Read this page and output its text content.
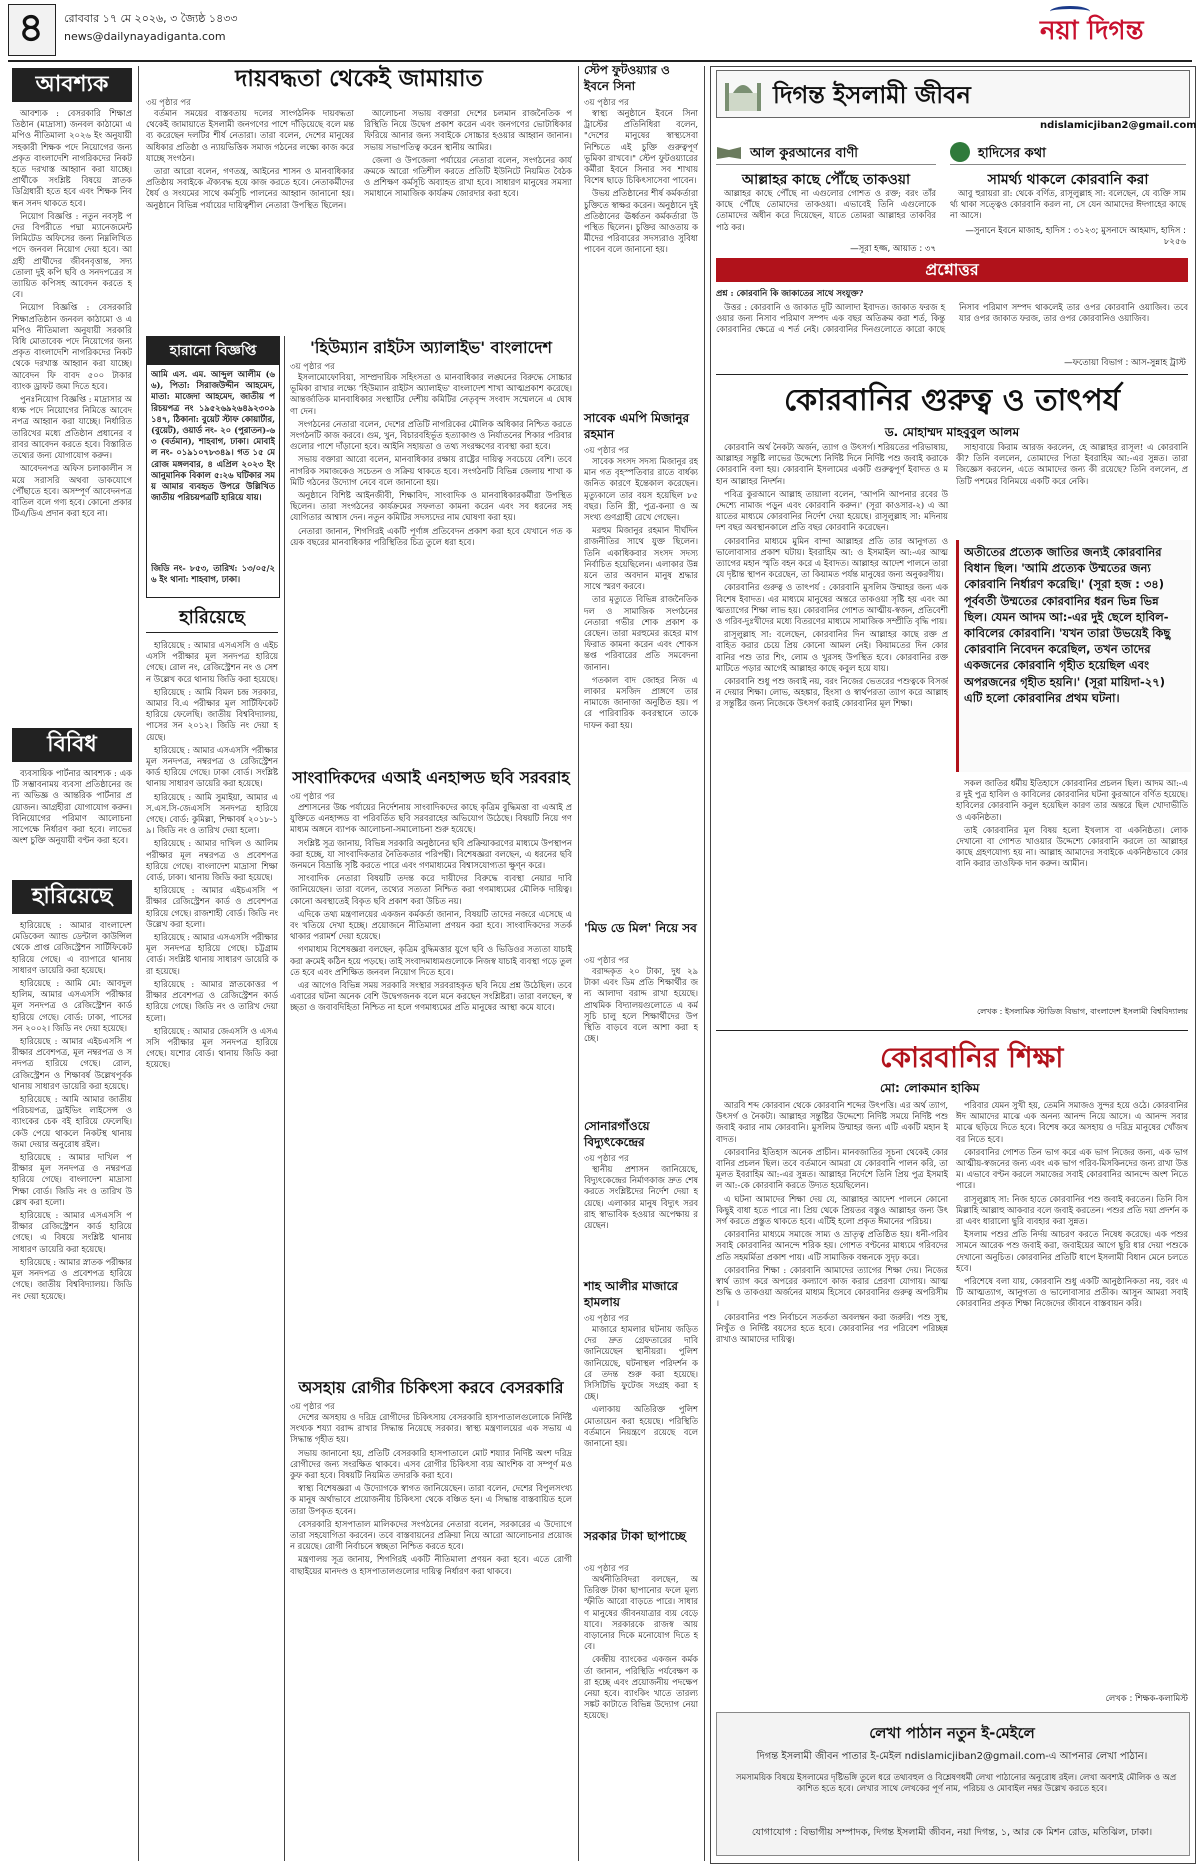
৪	রোববার ১৭ মে ২০২৬, ৩ জ্যৈষ্ঠ ১৪৩৩
news@dailynayadiganta.com	নয়া দিগন্ত
আবশ্যক

আবশ্যক : বেসরকারি শিক্ষাপ্রতিষ্ঠান (মাদ্রাসা) জনবল কাঠামো এমপিও নীতিমালা ২০২৬ ইং অনুযায়ী সহকারী শিক্ষক পদে নিয়োগের জন্য প্রকৃত বাংলাদেশি নাগরিকদের নিকট হতে দরখাস্ত আহ্বান করা যাচ্ছে। প্রার্থীকে সংশ্লিষ্ট বিষয়ে স্নাতক ডিগ্রিধারী হতে হবে এবং শিক্ষক নিবন্ধন সনদ থাকতে হবে।

নিয়োগ বিজ্ঞপ্তি : নতুন নবসৃষ্ট পদের বিপরীতে পদ্মা ম্যানেজমেন্ট লিমিটেড অফিসের জন্য নিম্নলিখিত পদে জনবল নিয়োগ দেয়া হবে। আগ্রহী প্রার্থীদের জীবনবৃত্তান্ত, সদ্য তোলা দুই কপি ছবি ও সনদপত্রের সত্যায়িত কপিসহ আবেদন করতে হবে।

নিয়োগ বিজ্ঞপ্তি : বেসরকারি শিক্ষাপ্রতিষ্ঠান জনবল কাঠামো ও এমপিও নীতিমালা অনুযায়ী সরকারি বিধি মোতাবেক পদে নিয়োগের জন্য প্রকৃত বাংলাদেশি নাগরিকদের নিকট থেকে দরখাস্ত আহ্বান করা যাচ্ছে। আবেদন ফি বাবদ ৫০০ টাকার ব্যাংক ড্রাফট জমা দিতে হবে।

পুনঃনিয়োগ বিজ্ঞপ্তি : মাদ্রাসার অধ্যক্ষ পদে নিয়োগের নিমিত্তে আবেদনপত্র আহ্বান করা যাচ্ছে। নির্ধারিত তারিখের মধ্যে প্রতিষ্ঠান প্রধানের বরাবর আবেদন করতে হবে। বিস্তারিত তথ্যের জন্য যোগাযোগ করুন।

আবেদনপত্র অফিস চলাকালীন সময়ে সরাসরি অথবা ডাকযোগে পৌঁছাতে হবে। অসম্পূর্ণ আবেদনপত্র বাতিল বলে গণ্য হবে। কোনো প্রকার টিএ/ডিএ প্রদান করা হবে না।

বিবিধ

ব্যবসায়িক পার্টনার আবশ্যক : একটি সম্ভাবনাময় ব্যবসা প্রতিষ্ঠানের জন্য অভিজ্ঞ ও আন্তরিক পার্টনার প্রয়োজন। আগ্রহীরা যোগাযোগ করুন। বিনিয়োগের পরিমাণ আলোচনা সাপেক্ষে নির্ধারণ করা হবে। লাভের অংশ চুক্তি অনুযায়ী বণ্টন করা হবে।

হারিয়েছে

হারিয়েছে : আমার বাংলাদেশ মেডিকেল অ্যান্ড ডেন্টাল কাউন্সিল থেকে প্রাপ্ত রেজিস্ট্রেশন সার্টিফিকেট হারিয়ে গেছে। এ ব্যাপারে থানায় সাধারণ ডায়েরি করা হয়েছে।

হারিয়েছে : আমি মো: আবদুল হালিম, আমার এসএসসি পরীক্ষার মূল সনদপত্র ও রেজিস্ট্রেশন কার্ড হারিয়ে গেছে। বোর্ড: ঢাকা, পাসের সন ২০০২। জিডি নং দেয়া হয়েছে।

হারিয়েছে : আমার এইচএসসি পরীক্ষার প্রবেশপত্র, মূল নম্বরপত্র ও সনদপত্র হারিয়ে গেছে। রোল, রেজিস্ট্রেশন ও শিক্ষাবর্ষ উল্লেখপূর্বক থানায় সাধারণ ডায়েরি করা হয়েছে।

হারিয়েছে : আমি আমার জাতীয় পরিচয়পত্র, ড্রাইভিং লাইসেন্স ও ব্যাংকের চেক বই হারিয়ে ফেলেছি। কেউ পেয়ে থাকলে নিকটস্থ থানায় জমা দেয়ার অনুরোধ রইল।

হারিয়েছে : আমার দাখিল পরীক্ষার মূল সনদপত্র ও নম্বরপত্র হারিয়ে গেছে। বাংলাদেশ মাদ্রাসা শিক্ষা বোর্ড। জিডি নং ও তারিখ উল্লেখ করা হলো।

হারিয়েছে : আমার এসএসসি পরীক্ষার রেজিস্ট্রেশন কার্ড হারিয়ে গেছে। এ বিষয়ে সংশ্লিষ্ট থানায় সাধারণ ডায়েরি করা হয়েছে।

হারিয়েছে : আমার স্নাতক পরীক্ষার মূল সনদপত্র ও প্রবেশপত্র হারিয়ে গেছে। জাতীয় বিশ্ববিদ্যালয়। জিডি নং দেয়া হয়েছে।

দায়বদ্ধতা থেকেই জামায়াত
৩য় পৃষ্ঠার পর

বর্তমান সময়ের বাস্তবতায় দলের সাংগঠনিক দায়বদ্ধতা থেকেই জামায়াতে ইসলামী জনগণের পাশে দাঁড়িয়েছে বলে মন্তব্য করেছেন দলটির শীর্ষ নেতারা। তারা বলেন, দেশের মানুষের অধিকার প্রতিষ্ঠা ও ন্যায়ভিত্তিক সমাজ গঠনের লক্ষ্যে কাজ করে যাচ্ছে সংগঠন।

তারা আরো বলেন, গণতন্ত্র, আইনের শাসন ও মানবাধিকার প্রতিষ্ঠায় সবাইকে ঐক্যবদ্ধ হয়ে কাজ করতে হবে। নেতাকর্মীদের ধৈর্য ও সংযমের সাথে কর্মসূচি পালনের আহ্বান জানানো হয়। অনুষ্ঠানে বিভিন্ন পর্যায়ের দায়িত্বশীল নেতারা উপস্থিত ছিলেন।

আলোচনা সভায় বক্তারা দেশের চলমান রাজনৈতিক পরিস্থিতি নিয়ে উদ্বেগ প্রকাশ করেন এবং জনগণের ভোটাধিকার ফিরিয়ে আনার জন্য সবাইকে সোচ্চার হওয়ার আহ্বান জানান। সভায় সভাপতিত্ব করেন স্থানীয় আমির।

জেলা ও উপজেলা পর্যায়ের নেতারা বলেন, সংগঠনের কার্যক্রমকে আরো গতিশীল করতে প্রতিটি ইউনিটে নিয়মিত বৈঠক ও প্রশিক্ষণ কর্মসূচি অব্যাহত রাখা হবে। সাধারণ মানুষের সমস্যা সমাধানে সামাজিক কার্যক্রম জোরদার করা হবে।

হারানো বিজ্ঞপ্তি
আমি এস. এম. আব্দুল আলীম (৬৬), পিতা: সিরাজউদ্দীন আহমেদ, মাতা: মাজেদা আহমেদ, জাতীয় পরিচয়পত্র নং ১৯৫২৬৯২৬৪৯২৩০৯১৪৭, ঠিকানা: বুয়েট স্টাফ কোয়ার্টার, (বুয়েট), ওয়ার্ড নং- ২০ (পুরাতন)-৬৩ (বর্তমান), শাহবাগ, ঢাকা। মোবাইল নং- ০১৯১০৭৮৩৪৯। গত ১৫ মে রোজ মঙ্গলবার, ৪ এপ্রিল ২০২৩ ইং আনুমানিক বিকাল ৫:২৬ ঘটিকার সময় আমার ব্যবহৃত উপরে উল্লিখিত জাতীয় পরিচয়পত্রটি হারিয়ে যায়।
জিডি নং- ৮৫৩, তারিখ: ১৩/০৫/২৬ ইং থানা: শাহবাগ, ঢাকা।
হারিয়েছে

হারিয়েছে : আমার এসএসসি ও এইচএসসি পরীক্ষার মূল সনদপত্র হারিয়ে গেছে। রোল নং, রেজিস্ট্রেশন নং ও সেশন উল্লেখ করে থানায় জিডি করা হয়েছে।

হারিয়েছে : আমি বিমল চন্দ্র সরকার, আমার বি.এ পরীক্ষার মূল সার্টিফিকেট হারিয়ে ফেলেছি। জাতীয় বিশ্ববিদ্যালয়, পাসের সন ২০১২। জিডি নং দেয়া হয়েছে।

হারিয়েছে : আমার এসএসসি পরীক্ষার মূল সনদপত্র, নম্বরপত্র ও রেজিস্ট্রেশন কার্ড হারিয়ে গেছে। ঢাকা বোর্ড। সংশ্লিষ্ট থানায় সাধারণ ডায়েরি করা হয়েছে।

হারিয়েছে : আমি সুমাইয়া, আমার এস.এস.সি-জেএসসি সনদপত্র হারিয়ে গেছে। বোর্ড: কুমিল্লা, শিক্ষাবর্ষ ২০১৮-১৯। জিডি নং ও তারিখ দেয়া হলো।

হারিয়েছে : আমার দাখিল ও আলিম পরীক্ষার মূল নম্বরপত্র ও প্রবেশপত্র হারিয়ে গেছে। বাংলাদেশ মাদ্রাসা শিক্ষা বোর্ড, ঢাকা। থানায় জিডি করা হয়েছে।

হারিয়েছে : আমার এইচএসসি পরীক্ষার রেজিস্ট্রেশন কার্ড ও প্রবেশপত্র হারিয়ে গেছে। রাজশাহী বোর্ড। জিডি নং উল্লেখ করা হলো।

হারিয়েছে : আমার এসএসসি পরীক্ষার মূল সনদপত্র হারিয়ে গেছে। চট্টগ্রাম বোর্ড। সংশ্লিষ্ট থানায় সাধারণ ডায়েরি করা হয়েছে।

হারিয়েছে : আমার স্নাতকোত্তর পরীক্ষার প্রবেশপত্র ও রেজিস্ট্রেশন কার্ড হারিয়ে গেছে। জিডি নং ও তারিখ দেয়া হলো।

হারিয়েছে : আমার জেএসসি ও এসএসসি পরীক্ষার মূল সনদপত্র হারিয়ে গেছে। যশোর বোর্ড। থানায় জিডি করা হয়েছে।

'হিউম্যান রাইটস অ্যালাইভ' বাংলাদেশ
৩য় পৃষ্ঠার পর

ইসলামোফোবিয়া, সাম্প্রদায়িক সহিংসতা ও মানবাধিকার লঙ্ঘনের বিরুদ্ধে সোচ্চার ভূমিকা রাখার লক্ষ্যে 'হিউম্যান রাইটস অ্যালাইভ' বাংলাদেশ শাখা আত্মপ্রকাশ করেছে। আন্তর্জাতিক মানবাধিকার সংস্থাটির দেশীয় কমিটির নেতৃবৃন্দ সংবাদ সম্মেলনে এ ঘোষণা দেন।

সংগঠনের নেতারা বলেন, দেশের প্রতিটি নাগরিকের মৌলিক অধিকার নিশ্চিত করতে সংগঠনটি কাজ করবে। গুম, খুন, বিচারবহির্ভূত হত্যাকাণ্ড ও নির্যাতনের শিকার পরিবারগুলোর পাশে দাঁড়ানো হবে। আইনি সহায়তা ও তথ্য সংরক্ষণের ব্যবস্থা করা হবে।

সভায় বক্তারা আরো বলেন, মানবাধিকার রক্ষায় রাষ্ট্রের দায়িত্ব সবচেয়ে বেশি। তবে নাগরিক সমাজকেও সচেতন ও সক্রিয় থাকতে হবে। সংগঠনটি বিভিন্ন জেলায় শাখা কমিটি গঠনের উদ্যোগ নেবে বলে জানানো হয়।

অনুষ্ঠানে বিশিষ্ট আইনজীবী, শিক্ষাবিদ, সাংবাদিক ও মানবাধিকারকর্মীরা উপস্থিত ছিলেন। তারা সংগঠনের কার্যক্রমের সফলতা কামনা করেন এবং সব ধরনের সহযোগিতার আশ্বাস দেন। নতুন কমিটির সদস্যদের নাম ঘোষণা করা হয়।

নেতারা জানান, শিগগিরই একটি পূর্ণাঙ্গ প্রতিবেদন প্রকাশ করা হবে যেখানে গত কয়েক বছরের মানবাধিকার পরিস্থিতির চিত্র তুলে ধরা হবে।

সাংবাদিকদের এআই এনহান্সড ছবি সরবরাহ
৩য় পৃষ্ঠার পর

প্রশাসনের উচ্চ পর্যায়ের নির্দেশনায় সাংবাদিকদের কাছে কৃত্রিম বুদ্ধিমত্তা বা এআই প্রযুক্তিতে এনহান্সড বা পরিবর্তিত ছবি সরবরাহের অভিযোগ উঠেছে। বিষয়টি নিয়ে গণমাধ্যম অঙ্গনে ব্যাপক আলোচনা-সমালোচনা শুরু হয়েছে।

সংশ্লিষ্ট সূত্র জানায়, বিভিন্ন সরকারি অনুষ্ঠানের ছবি প্রক্রিয়াকরণের মাধ্যমে উপস্থাপন করা হচ্ছে, যা সাংবাদিকতার নৈতিকতার পরিপন্থী। বিশেষজ্ঞরা বলছেন, এ ধরনের ছবি জনমনে বিভ্রান্তি সৃষ্টি করতে পারে এবং গণমাধ্যমের বিশ্বাসযোগ্যতা ক্ষুণ্ন করে।

সাংবাদিক নেতারা বিষয়টি তদন্ত করে দায়ীদের বিরুদ্ধে ব্যবস্থা নেয়ার দাবি জানিয়েছেন। তারা বলেন, তথ্যের সত্যতা নিশ্চিত করা গণমাধ্যমের মৌলিক দায়িত্ব। কোনো অবস্থাতেই বিকৃত ছবি প্রকাশ করা উচিত নয়।

এদিকে তথ্য মন্ত্রণালয়ের একজন কর্মকর্তা জানান, বিষয়টি তাদের নজরে এসেছে এবং খতিয়ে দেখা হচ্ছে। প্রয়োজনে নীতিমালা প্রণয়ন করা হবে। সাংবাদিকদের সতর্ক থাকার পরামর্শ দেয়া হয়েছে।

গণমাধ্যম বিশেষজ্ঞরা বলছেন, কৃত্রিম বুদ্ধিমত্তার যুগে ছবি ও ভিডিওর সত্যতা যাচাই করা ক্রমেই কঠিন হয়ে পড়ছে। তাই সংবাদমাধ্যমগুলোকে নিজস্ব যাচাই ব্যবস্থা গড়ে তুলতে হবে এবং প্রশিক্ষিত জনবল নিয়োগ দিতে হবে।

এর আগেও বিভিন্ন সময় সরকারি সংস্থার সরবরাহকৃত ছবি নিয়ে প্রশ্ন উঠেছিল। তবে এবারের ঘটনা অনেক বেশি উদ্বেগজনক বলে মনে করছেন সংশ্লিষ্টরা। তারা বলছেন, স্বচ্ছতা ও জবাবদিহিতা নিশ্চিত না হলে গণমাধ্যমের প্রতি মানুষের আস্থা কমে যাবে।

অসহায় রোগীর চিকিৎসা করবে বেসরকারি
৩য় পৃষ্ঠার পর

দেশের অসহায় ও দরিদ্র রোগীদের চিকিৎসায় বেসরকারি হাসপাতালগুলোকে নির্দিষ্ট সংখ্যক শয্যা বরাদ্দ রাখার সিদ্ধান্ত নিয়েছে সরকার। স্বাস্থ্য মন্ত্রণালয়ের এক সভায় এ সিদ্ধান্ত গৃহীত হয়।

সভায় জানানো হয়, প্রতিটি বেসরকারি হাসপাতালে মোট শয্যার নির্দিষ্ট অংশ দরিদ্র রোগীদের জন্য সংরক্ষিত থাকবে। এসব রোগীর চিকিৎসা ব্যয় আংশিক বা সম্পূর্ণ মওকুফ করা হবে। বিষয়টি নিয়মিত তদারকি করা হবে।

স্বাস্থ্য বিশেষজ্ঞরা এ উদ্যোগকে স্বাগত জানিয়েছেন। তারা বলেন, দেশের বিপুলসংখ্যক মানুষ অর্থাভাবে প্রয়োজনীয় চিকিৎসা থেকে বঞ্চিত হন। এ সিদ্ধান্ত বাস্তবায়িত হলে তারা উপকৃত হবেন।

বেসরকারি হাসপাতাল মালিকদের সংগঠনের নেতারা বলেন, সরকারের এ উদ্যোগে তারা সহযোগিতা করবেন। তবে বাস্তবায়নের প্রক্রিয়া নিয়ে আরো আলোচনার প্রয়োজন রয়েছে। রোগী নির্বাচনে স্বচ্ছতা নিশ্চিত করতে হবে।

মন্ত্রণালয় সূত্র জানায়, শিগগিরই একটি নীতিমালা প্রণয়ন করা হবে। এতে রোগী বাছাইয়ের মানদণ্ড ও হাসপাতালগুলোর দায়িত্ব নির্ধারণ করা থাকবে।

স্টেপ ফুটওয়্যার ও ইবনে সিনা
৩য় পৃষ্ঠার পর

স্বাস্থ্য অনুষ্ঠানে ইবনে সিনা ট্রাস্টের প্রতিনিধিরা বলেন, "দেশের মানুষের স্বাস্থ্যসেবা নিশ্চিতে এই চুক্তি গুরুত্বপূর্ণ ভূমিকা রাখবে।" স্টেপ ফুটওয়্যারের কর্মীরা ইবনে সিনার সব শাখায় বিশেষ ছাড়ে চিকিৎসাসেবা পাবেন।

উভয় প্রতিষ্ঠানের শীর্ষ কর্মকর্তারা চুক্তিতে স্বাক্ষর করেন। অনুষ্ঠানে দুই প্রতিষ্ঠানের ঊর্ধ্বতন কর্মকর্তারা উপস্থিত ছিলেন। চুক্তির আওতায় কর্মীদের পরিবারের সদস্যরাও সুবিধা পাবেন বলে জানানো হয়।

সাবেক এমপি মিজানুর রহমান
৩য় পৃষ্ঠার পর

সাবেক সংসদ সদস্য মিজানুর রহমান গত বৃহস্পতিবার রাতে বার্ধক্যজনিত কারণে ইন্তেকাল করেছেন। মৃত্যুকালে তার বয়স হয়েছিল ৮৫ বছর। তিনি স্ত্রী, পুত্র-কন্যা ও অসংখ্য গুণগ্রাহী রেখে গেছেন।

মরহুম মিজানুর রহমান দীর্ঘদিন রাজনীতির সাথে যুক্ত ছিলেন। তিনি একাধিকবার সংসদ সদস্য নির্বাচিত হয়েছিলেন। এলাকার উন্নয়নে তার অবদান মানুষ শ্রদ্ধার সাথে স্মরণ করবে।

তার মৃত্যুতে বিভিন্ন রাজনৈতিক দল ও সামাজিক সংগঠনের নেতারা গভীর শোক প্রকাশ করেছেন। তারা মরহুমের রূহের মাগফিরাত কামনা করেন এবং শোকসন্তপ্ত পরিবারের প্রতি সমবেদনা জানান।

গতকাল বাদ জোহর নিজ এলাকার মসজিদ প্রাঙ্গণে তার নামাজে জানাজা অনুষ্ঠিত হয়। পরে পারিবারিক কবরস্থানে তাকে দাফন করা হয়।

'মিড ডে মিল' নিয়ে সব
৩য় পৃষ্ঠার পর

বরাদ্দকৃত ২০ টাকা, দুধ ২৯ টাকা এবং ডিম প্রতি শিক্ষার্থীর জন্য আলাদা বরাদ্দ রাখা হয়েছে। প্রাথমিক বিদ্যালয়গুলোতে এ কর্মসূচি চালু হলে শিক্ষার্থীদের উপস্থিতি বাড়বে বলে আশা করা হচ্ছে।

সোনারগাঁওয়ে বিদ্যুৎকেন্দ্রের
৩য় পৃষ্ঠার পর

স্থানীয় প্রশাসন জানিয়েছে, বিদ্যুৎকেন্দ্রের নির্মাণকাজ দ্রুত শেষ করতে সংশ্লিষ্টদের নির্দেশ দেয়া হয়েছে। এলাকার মানুষ বিদ্যুৎ সরবরাহ স্বাভাবিক হওয়ার অপেক্ষায় রয়েছেন।

শাহ আলীর মাজারে হামলায়
৩য় পৃষ্ঠার পর

মাজারে হামলার ঘটনায় জড়িতদের দ্রুত গ্রেফতারের দাবি জানিয়েছেন স্থানীয়রা। পুলিশ জানিয়েছে, ঘটনাস্থল পরিদর্শন করে তদন্ত শুরু করা হয়েছে। সিসিটিভি ফুটেজ সংগ্রহ করা হচ্ছে।

এলাকায় অতিরিক্ত পুলিশ মোতায়েন করা হয়েছে। পরিস্থিতি বর্তমানে নিয়ন্ত্রণে রয়েছে বলে জানানো হয়।

সরকার টাকা ছাপাচ্ছে
৩য় পৃষ্ঠার পর

অর্থনীতিবিদরা বলছেন, অতিরিক্ত টাকা ছাপানোর ফলে মূল্যস্ফীতি আরো বাড়তে পারে। সাধারণ মানুষের জীবনযাত্রার ব্যয় বেড়ে যাবে। সরকারকে রাজস্ব আয় বাড়ানোর দিকে মনোযোগ দিতে হবে।

কেন্দ্রীয় ব্যাংকের একজন কর্মকর্তা জানান, পরিস্থিতি পর্যবেক্ষণ করা হচ্ছে এবং প্রয়োজনীয় পদক্ষেপ নেয়া হবে। ব্যাংকিং খাতে তারল্য সঙ্কট কাটাতে বিভিন্ন উদ্যোগ নেয়া হয়েছে।

দিগন্ত ইসলামী জীবন
ndislamicjiban2@gmail.com
আল কুরআনের বাণী
আল্লাহর কাছে পৌঁছে তাকওয়া

আল্লাহর কাছে পৌঁছে না এগুলোর গোশত ও রক্ত; বরং তাঁর কাছে পৌঁছে তোমাদের তাকওয়া। এভাবেই তিনি এগুলোকে তোমাদের অধীন করে দিয়েছেন, যাতে তোমরা আল্লাহর তাকবির পাঠ কর।

—সূরা হজ্জ, আয়াত : ৩৭
হাদিসের কথা
সামর্থ্য থাকলে কোরবানি করা

আবু হুরায়রা রা: থেকে বর্ণিত, রাসূলুল্লাহ সা: বলেছেন, যে ব্যক্তি সামর্থ্য থাকা সত্ত্বেও কোরবানি করল না, সে যেন আমাদের ঈদগাহের কাছে না আসে।

—সুনানে ইবনে মাজাহ, হাদিস : ৩১২৩; মুসনাদে আহমাদ, হাদিস : ৮২৫৬
প্রশ্নোত্তর
প্রশ্ন : কোরবানি কি জাকাতের সাথে সংযুক্ত?

উত্তর : কোরবানি ও জাকাত দুটি আলাদা ইবাদত। জাকাত ফরজ হওয়ার জন্য নিসাব পরিমাণ সম্পদ এক বছর অতিক্রম করা শর্ত, কিন্তু কোরবানির ক্ষেত্রে এ শর্ত নেই। কোরবানির দিনগুলোতে কারো কাছে নিসাব পরিমাণ সম্পদ থাকলেই তার ওপর কোরবানি ওয়াজিব। তবে যার ওপর জাকাত ফরজ, তার ওপর কোরবানিও ওয়াজিব।

—ফতোয়া বিভাগ : আস-সুন্নাহ ট্রাস্ট
কোরবানির গুরুত্ব ও তাৎপর্য
ড. মোহাম্মদ মাহবুবুল আলম

কোরবানি অর্থ নৈকট্য অর্জন, ত্যাগ ও উৎসর্গ। শরিয়তের পরিভাষায়, আল্লাহর সন্তুষ্টি লাভের উদ্দেশ্যে নির্দিষ্ট দিনে নির্দিষ্ট পশু জবাই করাকে কোরবানি বলা হয়। কোরবানি ইসলামের একটি গুরুত্বপূর্ণ ইবাদত ও মহান আল্লাহর নিদর্শন।

পবিত্র কুরআনে আল্লাহ তায়ালা বলেন, 'আপনি আপনার রবের উদ্দেশ্যে নামাজ পড়ুন এবং কোরবানি করুন।' (সূরা কাওসার-২) এ আয়াতের মাধ্যমে কোরবানির নির্দেশ দেয়া হয়েছে। রাসূলুল্লাহ সা: মদিনায় দশ বছর অবস্থানকালে প্রতি বছর কোরবানি করেছেন।

কোরবানির মাধ্যমে মুমিন বান্দা আল্লাহর প্রতি তার আনুগত্য ও ভালোবাসার প্রকাশ ঘটায়। ইবরাহিম আ: ও ইসমাইল আ:-এর আত্মত্যাগের মহান স্মৃতি বহন করে এ ইবাদত। আল্লাহর আদেশ পালনে তারা যে দৃষ্টান্ত স্থাপন করেছেন, তা কিয়ামত পর্যন্ত মানুষের জন্য অনুকরণীয়।

কোরবানির গুরুত্ব ও তাৎপর্য : কোরবানি মুসলিম উম্মাহর জন্য এক বিশেষ ইবাদত। এর মাধ্যমে মানুষের অন্তরে তাকওয়া সৃষ্টি হয় এবং আত্মত্যাগের শিক্ষা লাভ হয়। কোরবানির গোশত আত্মীয়-স্বজন, প্রতিবেশী ও গরিব-দুঃখীদের মধ্যে বিতরণের মাধ্যমে সামাজিক সম্প্রীতি বৃদ্ধি পায়।

রাসূলুল্লাহ সা: বলেছেন, কোরবানির দিন আল্লাহর কাছে রক্ত প্রবাহিত করার চেয়ে প্রিয় কোনো আমল নেই। কিয়ামতের দিন কোরবানির পশু তার শিং, লোম ও খুরসহ উপস্থিত হবে। কোরবানির রক্ত মাটিতে পড়ার আগেই আল্লাহর কাছে কবুল হয়ে যায়।

কোরবানি শুধু পশু জবাই নয়, বরং নিজের ভেতরের পশুত্বকে বিসর্জন দেয়ার শিক্ষা। লোভ, অহঙ্কার, হিংসা ও স্বার্থপরতা ত্যাগ করে আল্লাহর সন্তুষ্টির জন্য নিজেকে উৎসর্গ করাই কোরবানির মূল শিক্ষা।

সাহাবায়ে কিরাম আরজ করলেন, হে আল্লাহর রাসূল! এ কোরবানি কী? তিনি বললেন, তোমাদের পিতা ইবরাহিম আ:-এর সুন্নত। তারা জিজ্ঞেস করলেন, এতে আমাদের জন্য কী রয়েছে? তিনি বললেন, প্রতিটি পশমের বিনিময়ে একটি করে নেকি।

অতীতের প্রত্যেক জাতির জন্যই কোরবানির বিধান ছিল। 'আমি প্রত্যেক উম্মতের জন্য কোরবানি নির্ধারণ করেছি।' (সূরা হজ : ৩৪) পূর্ববর্তী উম্মতের কোরবানির ধরন ভিন্ন ভিন্ন ছিল। যেমন আদম আ:-এর দুই ছেলে হাবিল-কাবিলের কোরবানি। 'যখন তারা উভয়েই কিছু কোরবানি নিবেদন করেছিল, তখন তাদের একজনের কোরবানি গৃহীত হয়েছিল এবং অপরজনের গৃহীত হয়নি।' (সূরা মায়িদা-২৭) এটি হলো কোরবানির প্রথম ঘটনা।

সকল জাতির ধর্মীয় ইতিহাসে কোরবানির প্রচলন ছিল। আদম আ:-এর দুই পুত্র হাবিল ও কাবিলের কোরবানির ঘটনা কুরআনে বর্ণিত হয়েছে। হাবিলের কোরবানি কবুল হয়েছিল কারণ তার অন্তরে ছিল খোদাভীতি ও একনিষ্ঠতা।

তাই কোরবানির মূল বিষয় হলো ইখলাস বা একনিষ্ঠতা। লোক দেখানো বা গোশত খাওয়ার উদ্দেশ্যে কোরবানি করলে তা আল্লাহর কাছে গ্রহণযোগ্য হয় না। আল্লাহ আমাদের সবাইকে একনিষ্ঠভাবে কোরবানি করার তাওফিক দান করুন। আমীন।

লেখক : ইসলামিক স্টাডিজ বিভাগ, বাংলাদেশ ইসলামী বিশ্ববিদ্যালয়
কোরবানির শিক্ষা
মো: লোকমান হাকিম

আরবি শব্দ কোরবান থেকে কোরবানি শব্দের উৎপত্তি। এর অর্থ ত্যাগ, উৎসর্গ ও নৈকট্য। আল্লাহর সন্তুষ্টির উদ্দেশ্যে নির্দিষ্ট সময়ে নির্দিষ্ট পশু জবাই করার নাম কোরবানি। মুসলিম উম্মাহর জন্য এটি একটি মহান ইবাদত।

কোরবানির ইতিহাস অনেক প্রাচীন। মানবজাতির সূচনা থেকেই কোরবানির প্রচলন ছিল। তবে বর্তমানে আমরা যে কোরবানি পালন করি, তা মূলত ইবরাহিম আ:-এর সুন্নত। আল্লাহর নির্দেশে তিনি প্রিয় পুত্র ইসমাইল আ:-কে কোরবানি করতে উদ্যত হয়েছিলেন।

এ ঘটনা আমাদের শিক্ষা দেয় যে, আল্লাহর আদেশ পালনে কোনো কিছুই বাধা হতে পারে না। প্রিয় থেকে প্রিয়তর বস্তুও আল্লাহর জন্য উৎসর্গ করতে প্রস্তুত থাকতে হবে। এটিই হলো প্রকৃত ঈমানের পরিচয়।

কোরবানির মাধ্যমে সমাজে সাম্য ও ভ্রাতৃত্ব প্রতিষ্ঠিত হয়। ধনী-গরিব সবাই কোরবানির আনন্দে শরিক হয়। গোশত বণ্টনের মাধ্যমে গরিবদের প্রতি সহমর্মিতা প্রকাশ পায়। এটি সামাজিক বন্ধনকে সুদৃঢ় করে।

কোরবানির শিক্ষা : কোরবানি আমাদের ত্যাগের শিক্ষা দেয়। নিজের স্বার্থ ত্যাগ করে অপরের কল্যাণে কাজ করার প্রেরণা যোগায়। আত্মশুদ্ধি ও তাকওয়া অর্জনের মাধ্যম হিসেবে কোরবানির গুরুত্ব অপরিসীম।

কোরবানির পশু নির্বাচনে সতর্কতা অবলম্বন করা জরুরি। পশু সুস্থ, নিখুঁত ও নির্দিষ্ট বয়সের হতে হবে। কোরবানির পর পরিবেশ পরিচ্ছন্ন রাখাও আমাদের দায়িত্ব।

পরিবার যেমন সুখী হয়, তেমনি সমাজও সুন্দর হয়ে ওঠে। কোরবানির ঈদ আমাদের মাঝে এক অনন্য আনন্দ নিয়ে আসে। এ আনন্দ সবার মাঝে ছড়িয়ে দিতে হবে। বিশেষ করে অসহায় ও দরিদ্র মানুষের খোঁজখবর নিতে হবে।

কোরবানির গোশত তিন ভাগ করে এক ভাগ নিজের জন্য, এক ভাগ আত্মীয়-স্বজনের জন্য এবং এক ভাগ গরিব-মিসকিনদের জন্য রাখা উত্তম। এভাবে বণ্টন করলে সমাজের সবাই কোরবানির আনন্দে অংশ নিতে পারে।

রাসূলুল্লাহ সা: নিজ হাতে কোরবানির পশু জবাই করতেন। তিনি বিসমিল্লাহি আল্লাহু আকবার বলে জবাই করতেন। পশুর প্রতি দয়া প্রদর্শন করা এবং ধারালো ছুরি ব্যবহার করা সুন্নত।

ইসলাম পশুর প্রতি নির্দয় আচরণ করতে নিষেধ করেছে। এক পশুর সামনে আরেক পশু জবাই করা, জবাইয়ের আগে ছুরি ধার দেয়া পশুকে দেখানো অনুচিত। কোরবানির প্রতিটি ধাপে ইসলামী বিধান মেনে চলতে হবে।

পরিশেষে বলা যায়, কোরবানি শুধু একটি আনুষ্ঠানিকতা নয়, বরং এটি আত্মত্যাগ, আনুগত্য ও ভালোবাসার প্রতীক। আসুন আমরা সবাই কোরবানির প্রকৃত শিক্ষা নিজেদের জীবনে বাস্তবায়ন করি।

লেখক : শিক্ষক-কলামিস্ট
লেখা পাঠান নতুন ই-মেইলে
দিগন্ত ইসলামী জীবন পাতার ই-মেইল ndislamicjiban2@gmail.com-এ আপনার লেখা পাঠান।

সমসাময়িক বিষয়ে ইসলামের দৃষ্টিভঙ্গি তুলে ধরে তথ্যবহুল ও বিশ্লেষণধর্মী লেখা পাঠানোর অনুরোধ রইল। লেখা অবশ্যই মৌলিক ও অপ্রকাশিত হতে হবে। লেখার সাথে লেখকের পূর্ণ নাম, পরিচয় ও মোবাইল নম্বর উল্লেখ করতে হবে।

যোগাযোগ : বিভাগীয় সম্পাদক, দিগন্ত ইসলামী জীবন, নয়া দিগন্ত, ১, আর কে মিশন রোড, মতিঝিল, ঢাকা।
